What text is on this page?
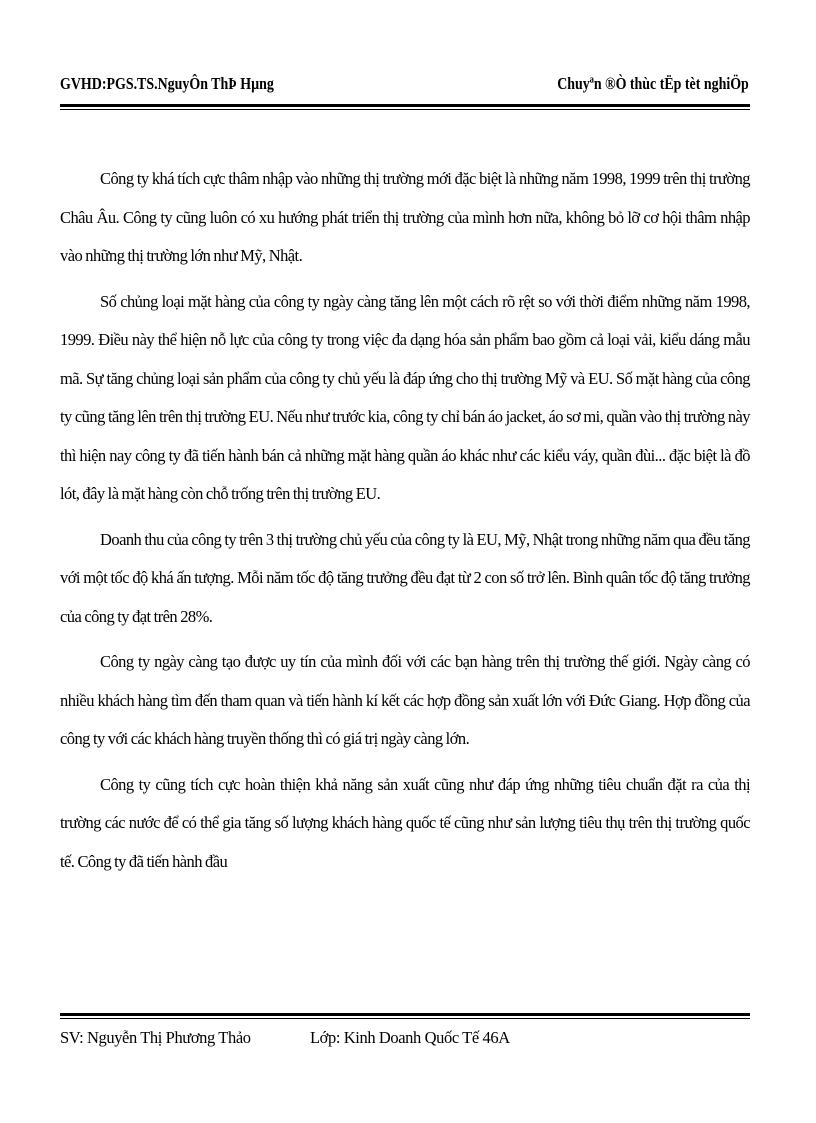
GVHD:PGS.TS.NguyÔn ThÞ Hµng	Chuyªn ®Ò thùc tËp tèt nghiÖp

Công ty khá tích cực thâm nhập vào những thị trường mới đặc biệt là những năm 1998, 1999 trên thị trường Châu Âu. Công ty cũng luôn có xu hướng phát triển thị trường của mình hơn nữa, không bỏ lỡ cơ hội thâm nhập vào những thị trường lớn như Mỹ, Nhật.

Số chủng loại mặt hàng của công ty ngày càng tăng lên một cách rõ rệt so với thời điểm những năm 1998, 1999. Điều này thể hiện nỗ lực của công ty trong việc đa dạng hóa sản phẩm bao gồm cả loại vải, kiểu dáng mẫu mã. Sự tăng chủng loại sản phẩm của công ty chủ yếu là đáp ứng cho thị trường Mỹ và EU. Số mặt hàng của công ty cũng tăng lên trên thị trường EU. Nếu như trước kia, công ty chỉ bán áo jacket, áo sơ mi, quần vào thị trường này thì hiện nay công ty đã tiến hành bán cả những mặt hàng quần áo khác như các kiểu váy, quần đùi... đặc biệt là đồ lót, đây là mặt hàng còn chỗ trống trên thị trường EU.

Doanh thu của công ty trên 3 thị trường chủ yếu của công ty là EU, Mỹ, Nhật trong những năm qua đều tăng với một tốc độ khá ấn tượng. Mỗi năm tốc độ tăng trưởng đều đạt từ 2 con số trở lên. Bình quân tốc độ tăng trưởng của công ty đạt trên 28%.

Công ty ngày càng tạo được uy tín của mình đối với các bạn hàng trên thị trường thế giới. Ngày càng có nhiều khách hàng tìm đến tham quan và tiến hành kí kết các hợp đồng sản xuất lớn với Đức Giang. Hợp đồng của công ty với các khách hàng truyền thống thì có giá trị ngày càng lớn.

Công ty cũng tích cực hoàn thiện khả năng sản xuất cũng như đáp ứng những tiêu chuẩn đặt ra của thị trường các nước để có thể gia tăng số lượng khách hàng quốc tế cũng như sản lượng tiêu thụ trên thị trường quốc tế. Công ty đã tiến hành đầu

SV: Nguyễn Thị Phương Thảo	Lớp: Kinh Doanh Quốc Tế 46A
